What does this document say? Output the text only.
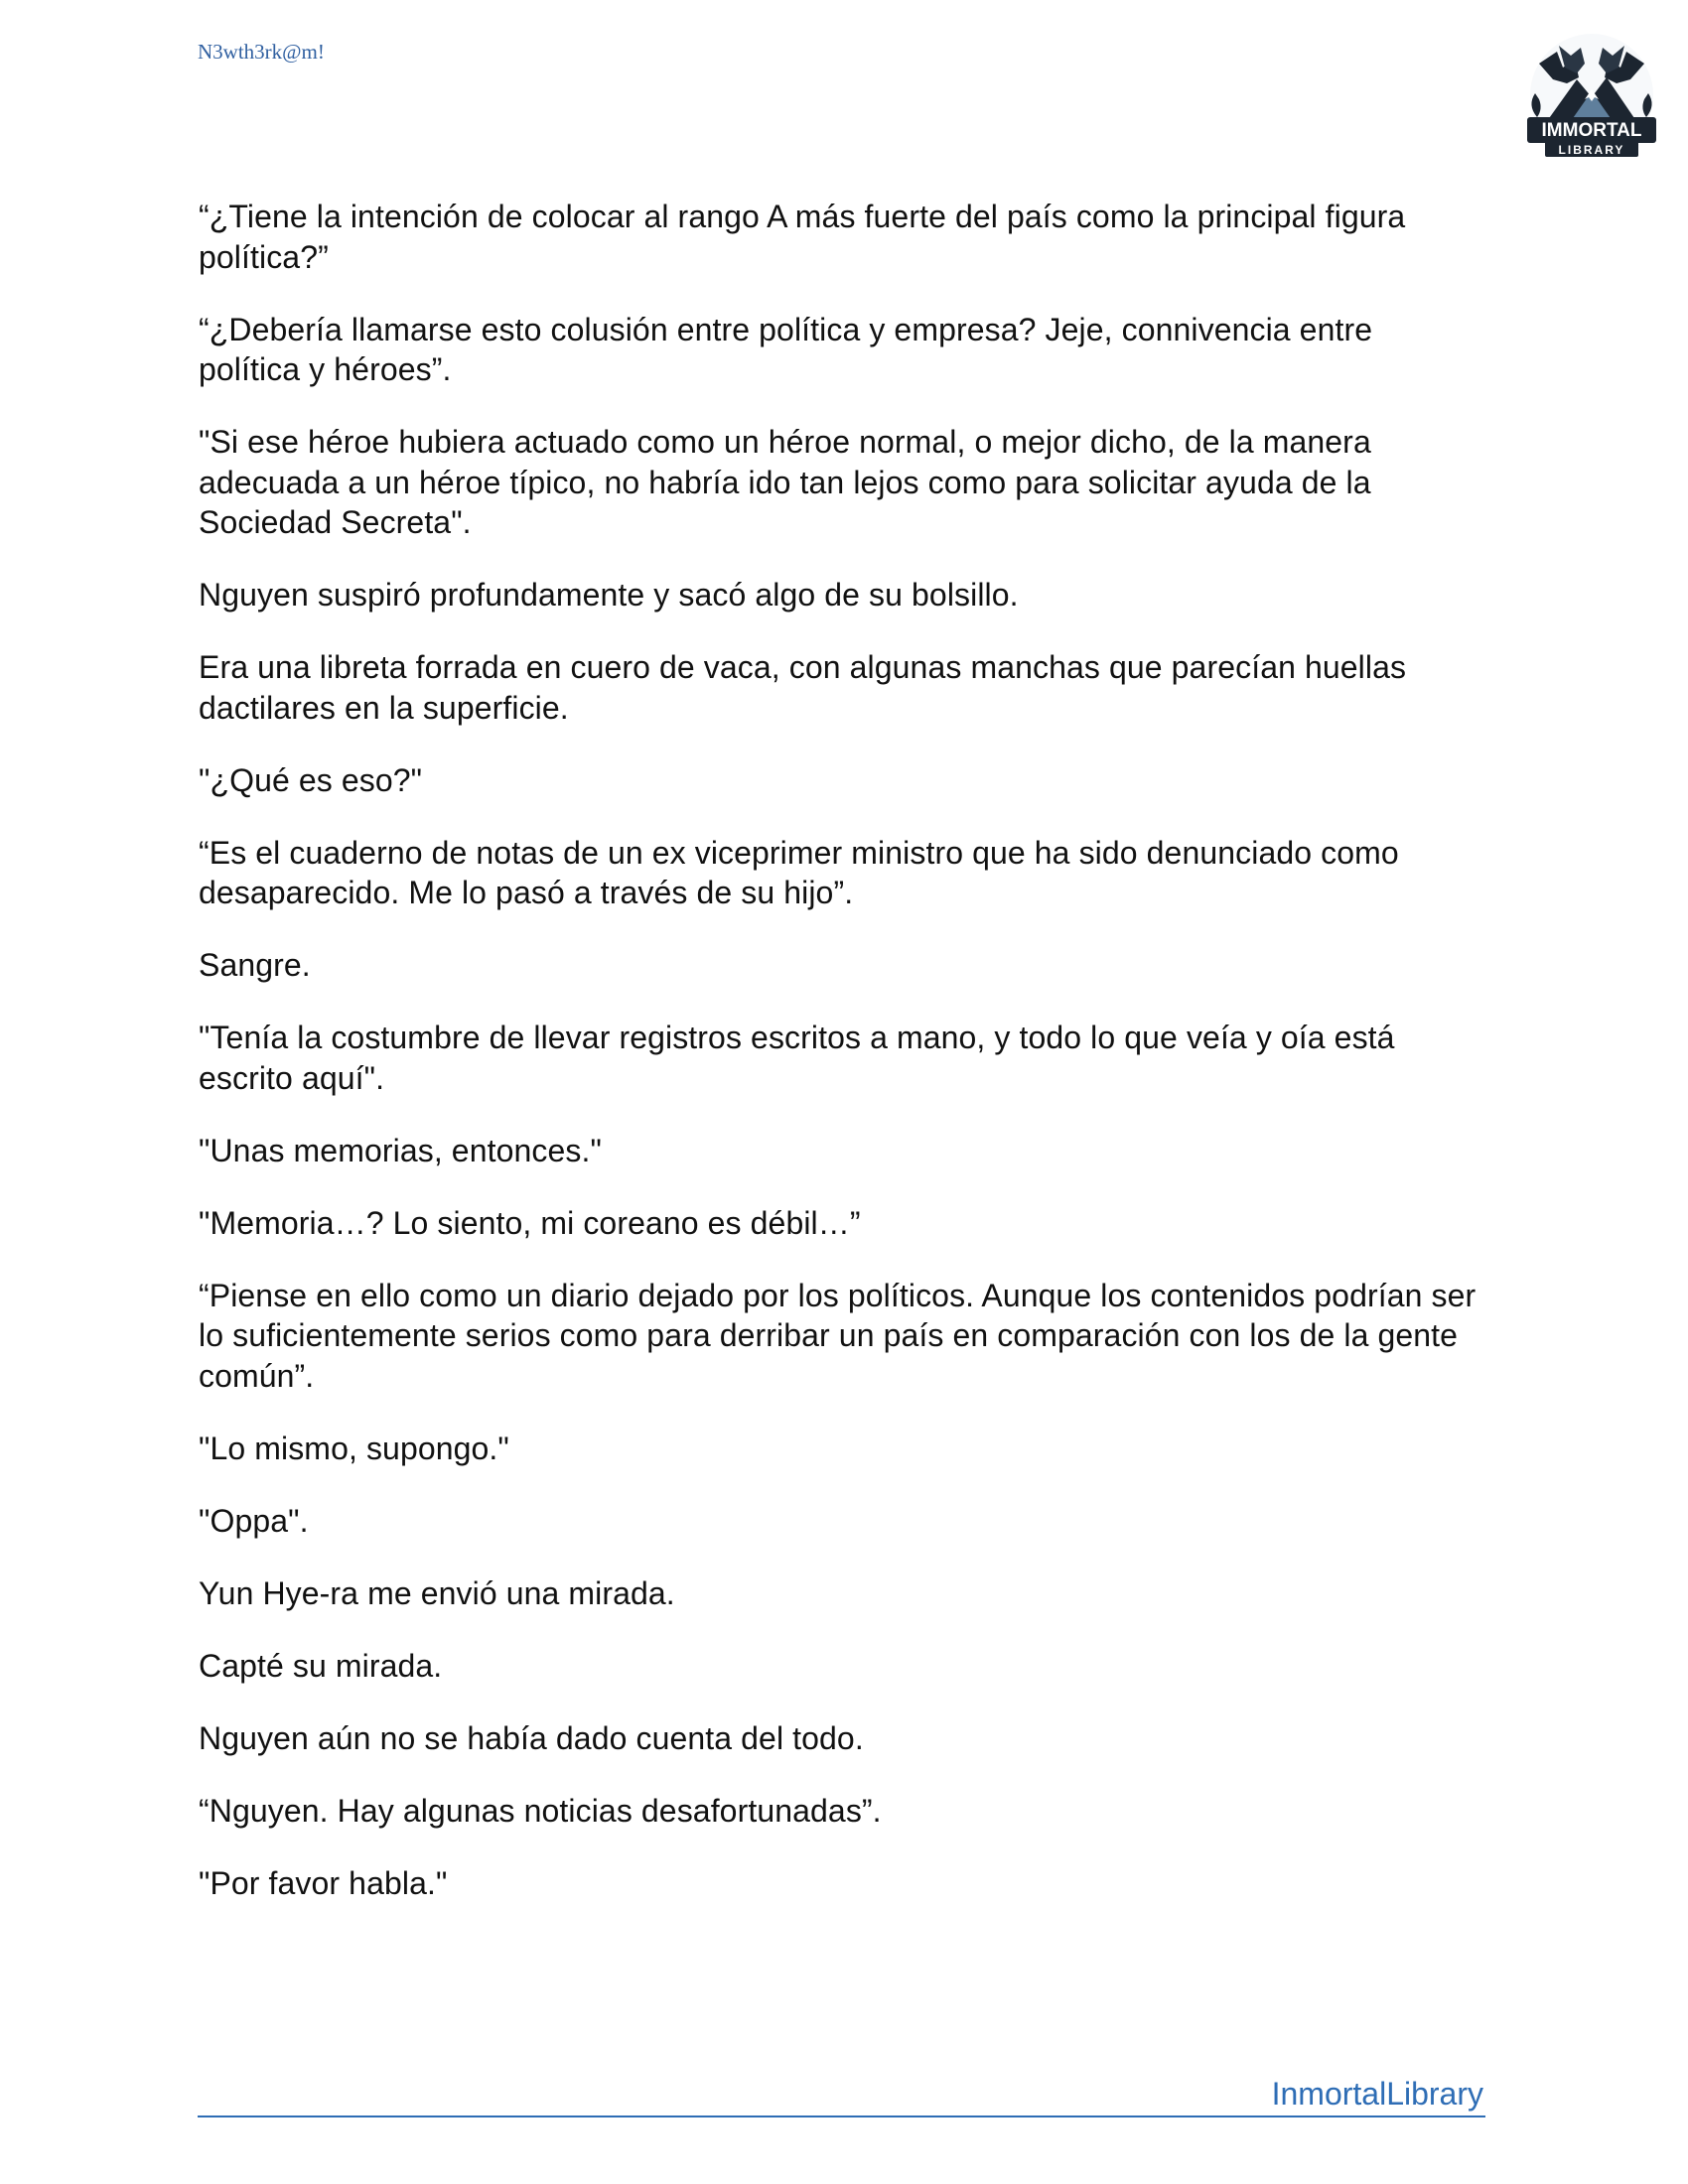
N3wth3rk@m!
IMMORTAL
LIBRARY

“¿Tiene la intención de colocar al rango A más fuerte del país como la principal figura política?”

“¿Debería llamarse esto colusión entre política y empresa? Jeje, connivencia entre política y héroes”.

"Si ese héroe hubiera actuado como un héroe normal, o mejor dicho, de la manera adecuada a un héroe típico, no habría ido tan lejos como para solicitar ayuda de la Sociedad Secreta".

Nguyen suspiró profundamente y sacó algo de su bolsillo.

Era una libreta forrada en cuero de vaca, con algunas manchas que parecían huellas dactilares en la superficie.

"¿Qué es eso?"

“Es el cuaderno de notas de un ex viceprimer ministro que ha sido denunciado como desaparecido. Me lo pasó a través de su hijo”.

Sangre.

"Tenía la costumbre de llevar registros escritos a mano, y todo lo que veía y oía está escrito aquí".

"Unas memorias, entonces."

"Memoria…? Lo siento, mi coreano es débil…”

“Piense en ello como un diario dejado por los políticos. Aunque los contenidos podrían ser lo suficientemente serios como para derribar un país en comparación con los de la gente común”.

"Lo mismo, supongo."

"Oppa".

Yun Hye-ra me envió una mirada.

Capté su mirada.

Nguyen aún no se había dado cuenta del todo.

“Nguyen. Hay algunas noticias desafortunadas”.

"Por favor habla."

InmortalLibrary
